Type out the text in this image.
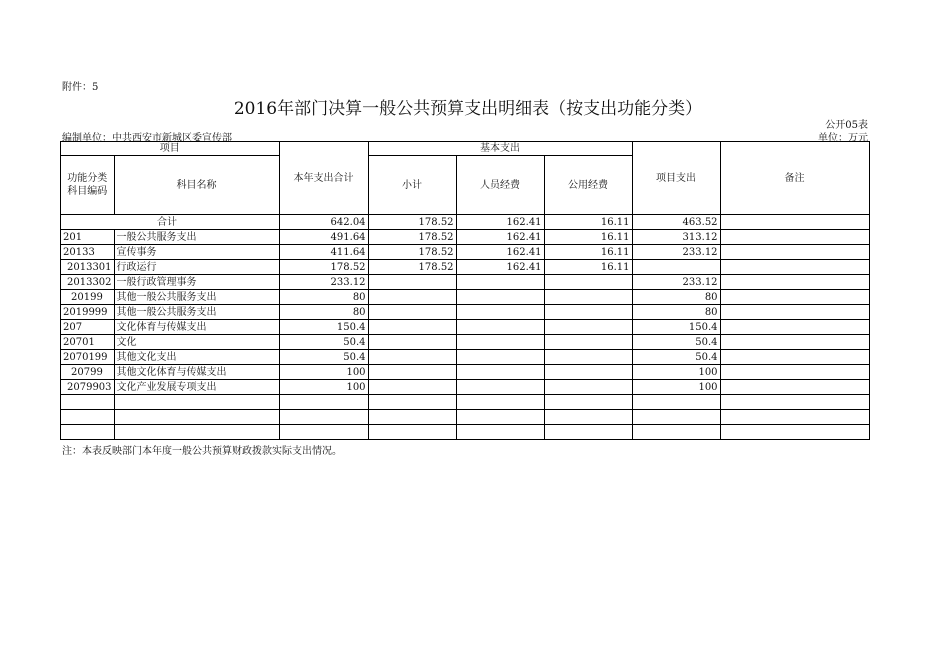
附件：5
2016年部门决算一般公共预算支出明细表（按支出功能分类）
公开05表
编制单位：中共西安市新城区委宣传部	单位：万元
项目		本年支出合计	基本支出			项目支出	备注

功能分类
科目编码	科目名称		小计	人员经费	公用经费		
合计		642.04	178.52	162.41	16.11	463.52	
201	一般公共服务支出	491.64	178.52	162.41	16.11	313.12	
20133	宣传事务	411.64	178.52	162.41	16.11	233.12	
2013301	行政运行	178.52	178.52	162.41	16.11		
2013302	一般行政管理事务	233.12				233.12	
20199	其他一般公共服务支出	80				80	
2019999	其他一般公共服务支出	80				80	
207	文化体育与传媒支出	150.4				150.4	
20701	文化	50.4				50.4	
2070199	其他文化支出	50.4				50.4	
20799	其他文化体育与传媒支出	100				100	
2079903	文化产业发展专项支出	100				100	

注：本表反映部门本年度一般公共预算财政拨款实际支出情况。
